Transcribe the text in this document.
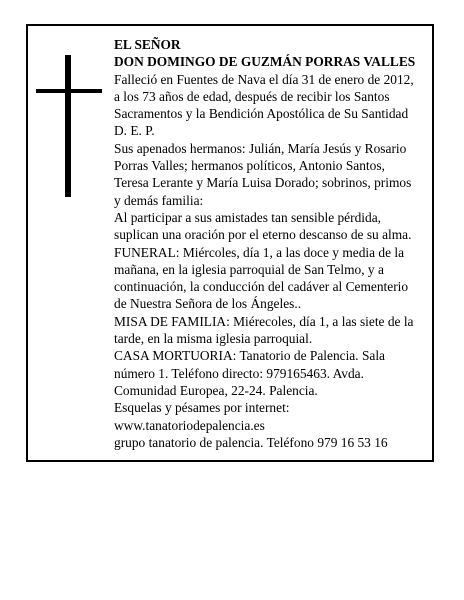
EL SEÑOR
DON DOMINGO DE GUZMÁN PORRAS VALLES
Falleció en Fuentes de Nava el día 31 de enero de 2012,
a los 73 años de edad, después de recibir los Santos
Sacramentos y la Bendición Apostólica de Su Santidad
D. E. P.
Sus apenados hermanos: Julián, María Jesús y Rosario
Porras Valles; hermanos políticos, Antonio Santos,
Teresa Lerante y María Luisa Dorado; sobrinos, primos
y demás familia:
Al participar a sus amistades tan sensible pérdida,
suplican una oración por el eterno descanso de su alma.
FUNERAL: Miércoles, día 1, a las doce y media de la
mañana, en la iglesia parroquial de San Telmo, y a
continuación, la conducción del cadáver al Cementerio
de Nuestra Señora de los Ángeles..
MISA DE FAMILIA: Miérecoles, día 1, a las siete de la
tarde, en la misma iglesia parroquial.
CASA MORTUORIA: Tanatorio de Palencia. Sala
número 1. Teléfono directo: 979165463. Avda.
Comunidad Europea, 22-24. Palencia.
Esquelas y pésames por internet:
www.tanatoriodepalencia.es
grupo tanatorio de palencia. Teléfono 979 16 53 16
